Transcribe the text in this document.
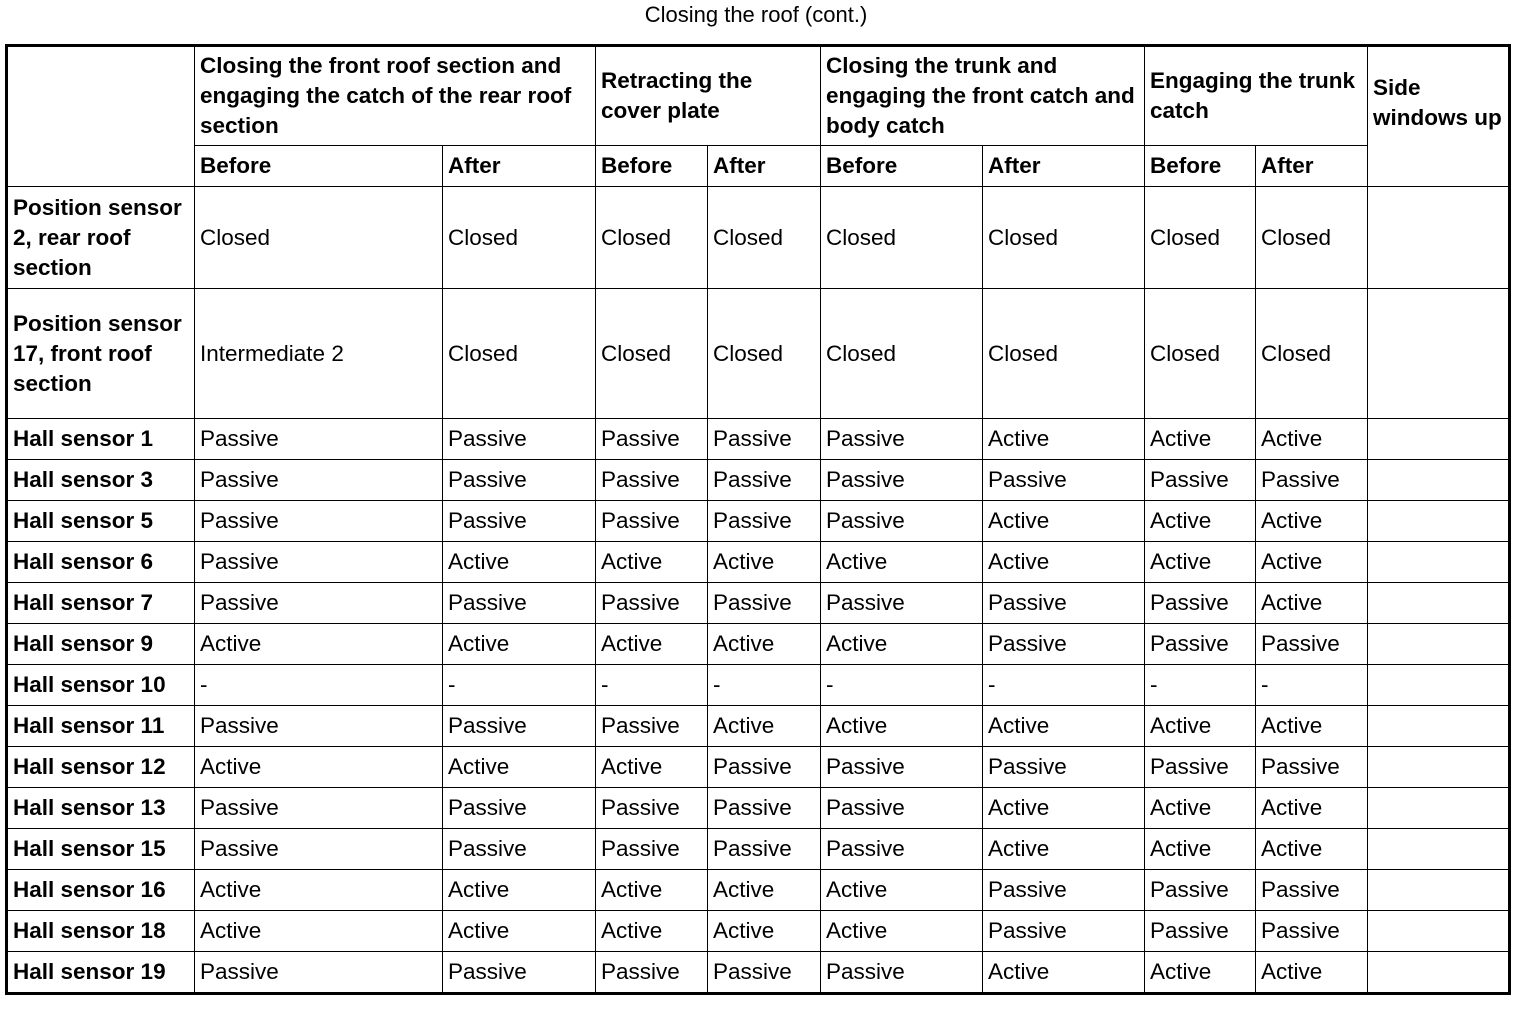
Closing the roof (cont.)
	Closing the front roof section and engaging the catch of the rear roof section		Retracting the cover plate		Closing the trunk and engaging the front catch and body catch		Engaging the trunk catch		Side windows up
	Before	After	Before	After	Before	After	Before	After	
Position sensor 2, rear roof section	Closed	Closed	Closed	Closed	Closed	Closed	Closed	Closed	
Position sensor 17, front roof section	Intermediate 2	Closed	Closed	Closed	Closed	Closed	Closed	Closed	
Hall sensor 1	Passive	Passive	Passive	Passive	Passive	Active	Active	Active	
Hall sensor 3	Passive	Passive	Passive	Passive	Passive	Passive	Passive	Passive	
Hall sensor 5	Passive	Passive	Passive	Passive	Passive	Active	Active	Active	
Hall sensor 6	Passive	Active	Active	Active	Active	Active	Active	Active	
Hall sensor 7	Passive	Passive	Passive	Passive	Passive	Passive	Passive	Active	
Hall sensor 9	Active	Active	Active	Active	Active	Passive	Passive	Passive	
Hall sensor 10	-	-	-	-	-	-	-	-	
Hall sensor 11	Passive	Passive	Passive	Active	Active	Active	Active	Active	
Hall sensor 12	Active	Active	Active	Passive	Passive	Passive	Passive	Passive	
Hall sensor 13	Passive	Passive	Passive	Passive	Passive	Active	Active	Active	
Hall sensor 15	Passive	Passive	Passive	Passive	Passive	Active	Active	Active	
Hall sensor 16	Active	Active	Active	Active	Active	Passive	Passive	Passive	
Hall sensor 18	Active	Active	Active	Active	Active	Passive	Passive	Passive	
Hall sensor 19	Passive	Passive	Passive	Passive	Passive	Active	Active	Active	
